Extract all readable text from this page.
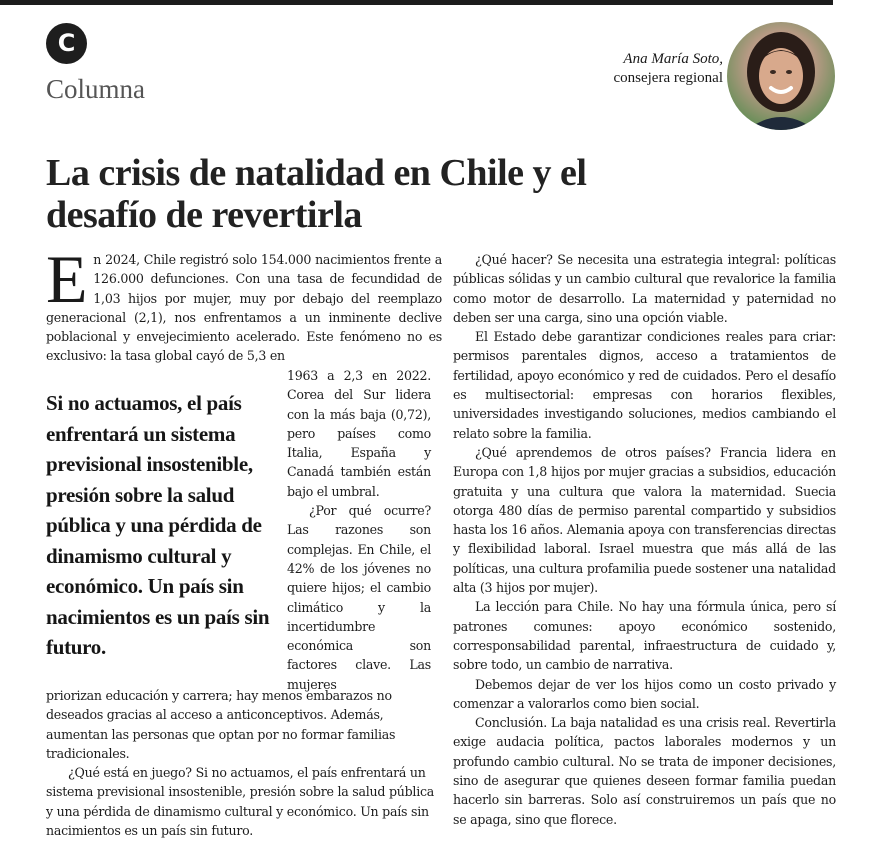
C
Columna
Ana María Soto,
consejera regional
La crisis de natalidad en Chile y el desafío de revertirla

E n 2024, Chile registró solo 154.000 nacimientos frente a 126.000 defunciones. Con una tasa de fecundidad de 1,03 hijos por mujer, muy por debajo del reemplazo generacional (2,1), nos enfrentamos a un inminente declive poblacional y envejecimiento acelerado. Este fenómeno no es exclusivo: la tasa global cayó de 5,3 en

Si no actuamos, el país enfrentará un sistema previsional insostenible, presión sobre la salud pública y una pérdida de dinamismo cultural y económico. Un país sin nacimientos es un país sin futuro.

1963 a 2,3 en 2022. Corea del Sur lidera con la más baja (0,72), pero países como Italia, España y Canadá también están bajo el umbral.

¿Por qué ocurre? Las razones son complejas. En Chile, el 42% de los jóvenes no quiere hijos; el cambio climático y la incertidumbre económica son factores clave. Las mujeres

priorizan educación y carrera; hay menos embarazos no deseados gracias al acceso a anticonceptivos. Además, aumentan las personas que optan por no formar familias tradicionales.

¿Qué está en juego? Si no actuamos, el país enfrentará un sistema previsional insostenible, presión sobre la salud pública y una pérdida de dinamismo cultural y económico. Un país sin nacimientos es un país sin futuro.

¿Qué hacer? Se necesita una estrategia integral: políticas públicas sólidas y un cambio cultural que revalorice la familia como motor de desarrollo. La maternidad y paternidad no deben ser una carga, sino una opción viable.

El Estado debe garantizar condiciones reales para criar: permisos parentales dignos, acceso a tratamientos de fertilidad, apoyo económico y red de cuidados. Pero el desafío es multisectorial: empresas con horarios flexibles, universidades investigando soluciones, medios cambiando el relato sobre la familia.

¿Qué aprendemos de otros países? Francia lidera en Europa con 1,8 hijos por mujer gracias a subsidios, educación gratuita y una cultura que valora la maternidad. Suecia otorga 480 días de permiso parental compartido y subsidios hasta los 16 años. Alemania apoya con transferencias directas y flexibilidad laboral. Israel muestra que más allá de las políticas, una cultura profamilia puede sostener una natalidad alta (3 hijos por mujer).

La lección para Chile. No hay una fórmula única, pero sí patrones comunes: apoyo económico sostenido, corresponsabilidad parental, infraestructura de cuidado y, sobre todo, un cambio de narrativa.

Debemos dejar de ver los hijos como un costo privado y comenzar a valorarlos como bien social.

Conclusión. La baja natalidad es una crisis real. Revertirla exige audacia política, pactos laborales modernos y un profundo cambio cultural. No se trata de imponer decisiones, sino de asegurar que quienes deseen formar familia puedan hacerlo sin barreras. Solo así construiremos un país que no se apaga, sino que florece.
